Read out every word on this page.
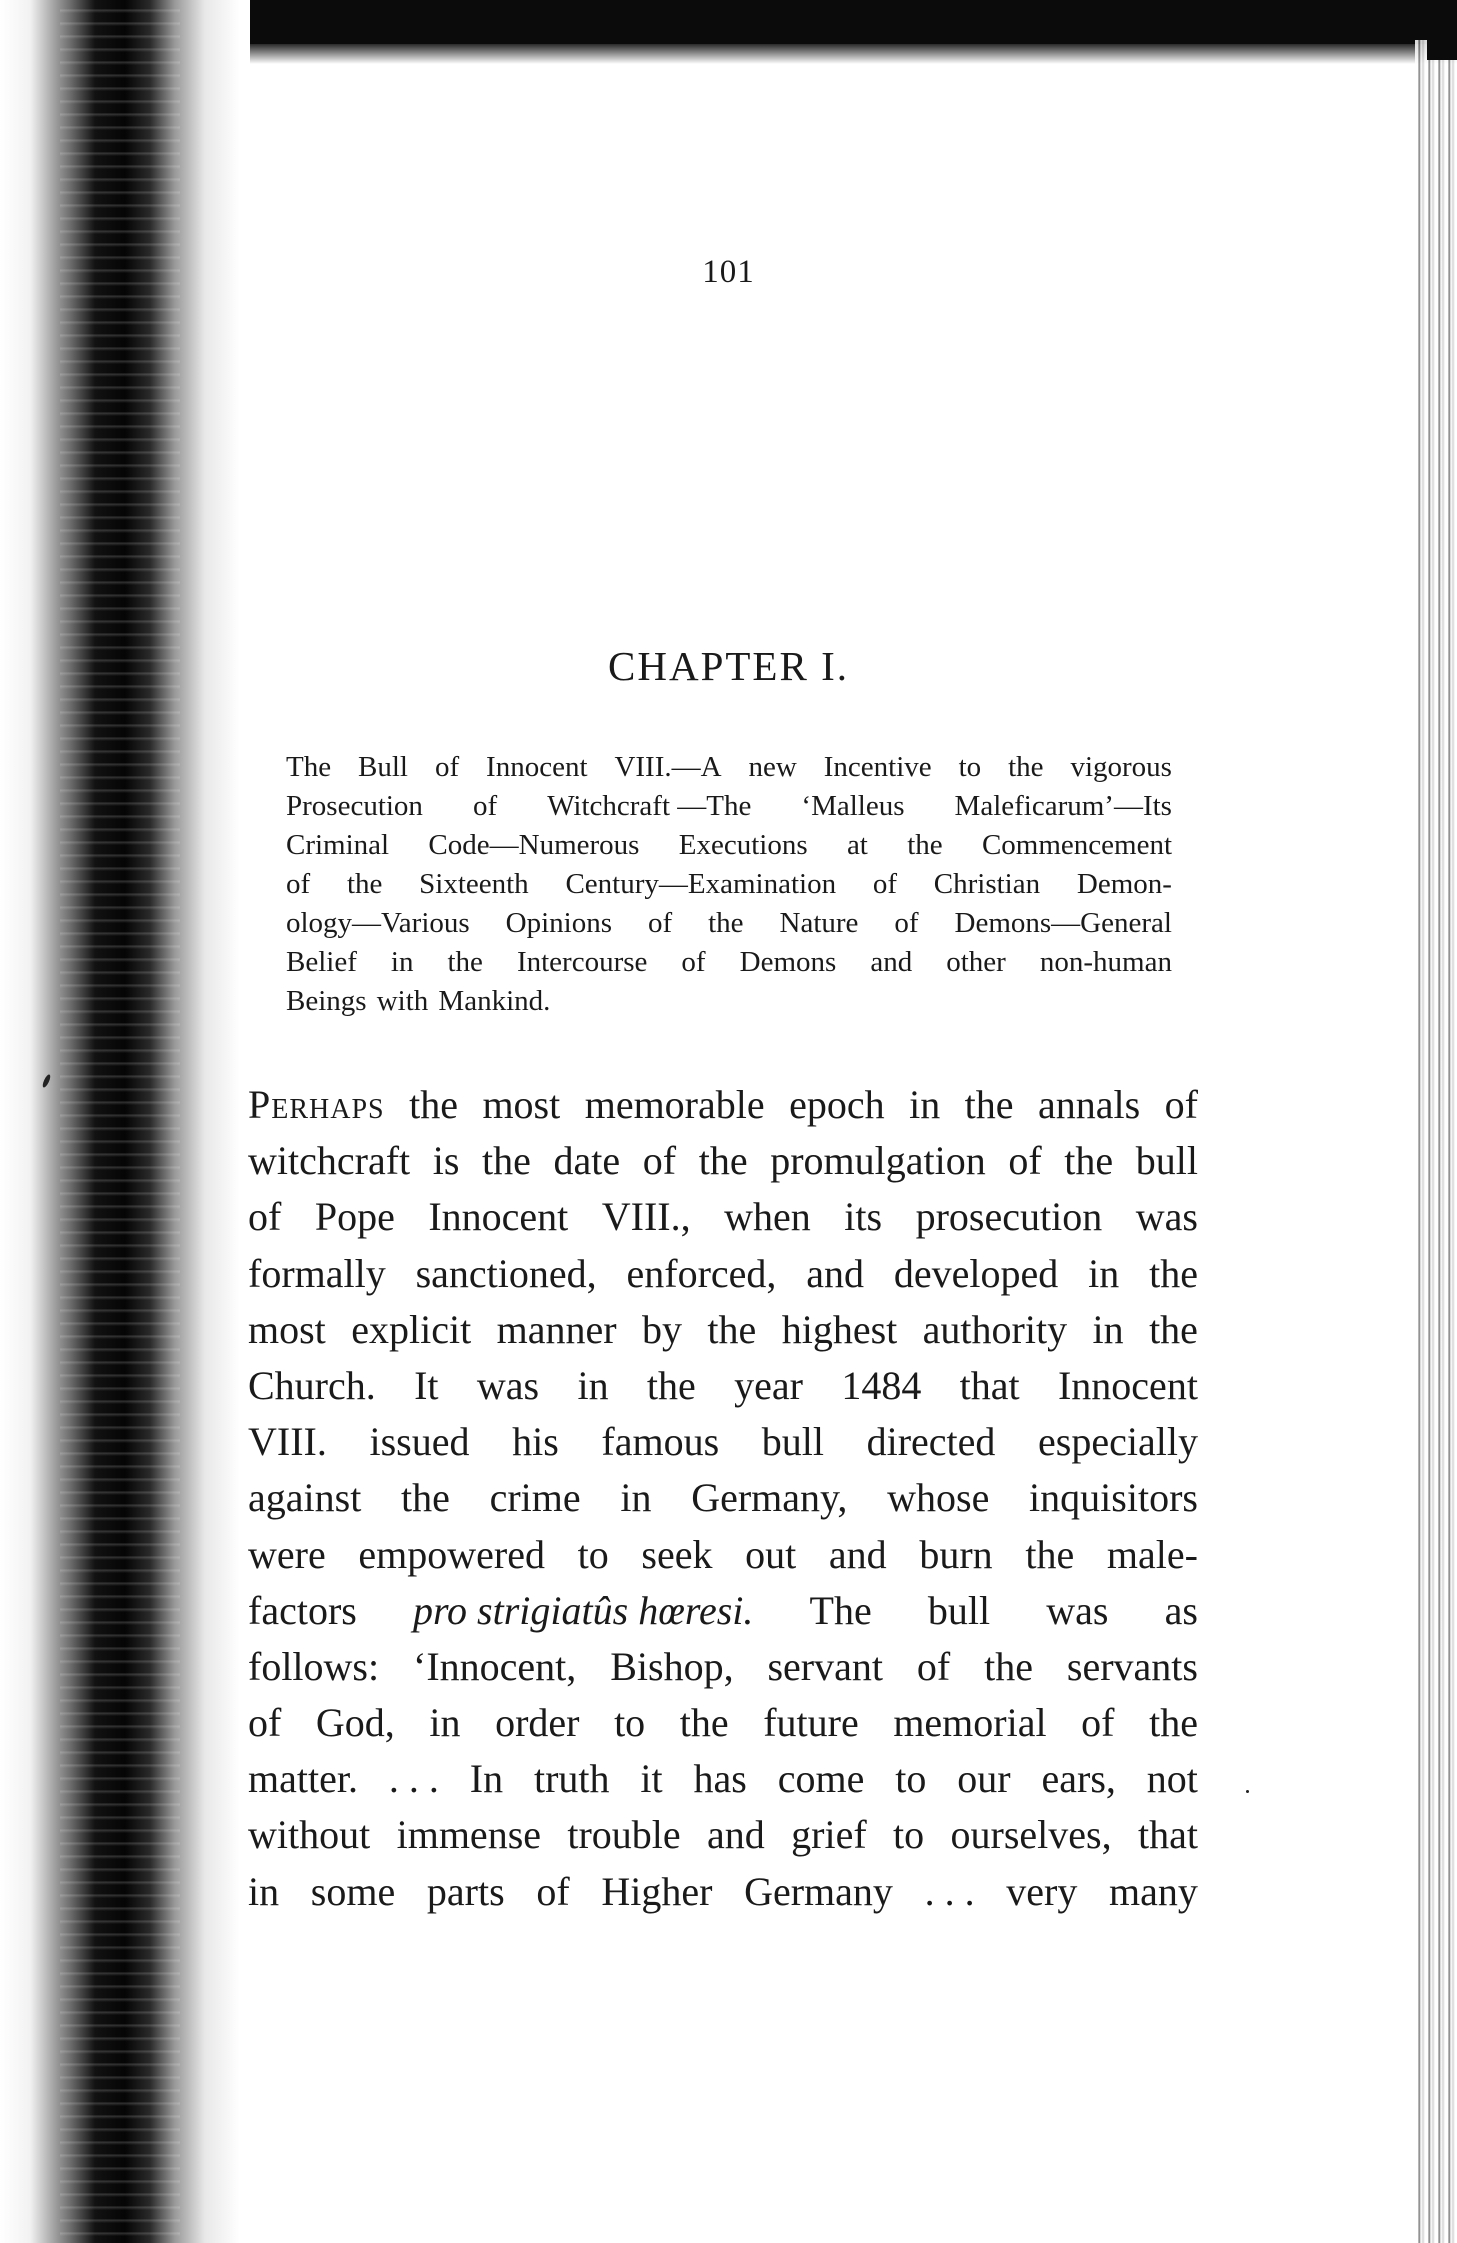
101
CHAPTER I.
The Bull of Innocent VIII.—A new Incentive to the vigorous
Prosecution of Witchcraft —The ‘Malleus Maleficarum’—Its
Criminal Code—Numerous Executions at the Commencement
of the Sixteenth Century—Examination of Christian Demon-
ology—Various Opinions of the Nature of Demons—General
Belief in the Intercourse of Demons and other non-human
Beings with Mankind.
Perhaps the most memorable epoch in the annals of
witchcraft is the date of the promulgation of the bull
of Pope Innocent VIII., when its prosecution was
formally sanctioned, enforced, and developed in the
most explicit manner by the highest authority in the
Church. It was in the year 1484 that Innocent
VIII. issued his famous bull directed especially
against the crime in Germany, whose inquisitors
were empowered to seek out and burn the male-
factors pro strigiatûs hœresi. The bull was as
follows: ‘Innocent, Bishop, servant of the servants
of God, in order to the future memorial of the
matter. . . . In truth it has come to our ears, not
without immense trouble and grief to ourselves, that
in some parts of Higher Germany . . . very many
